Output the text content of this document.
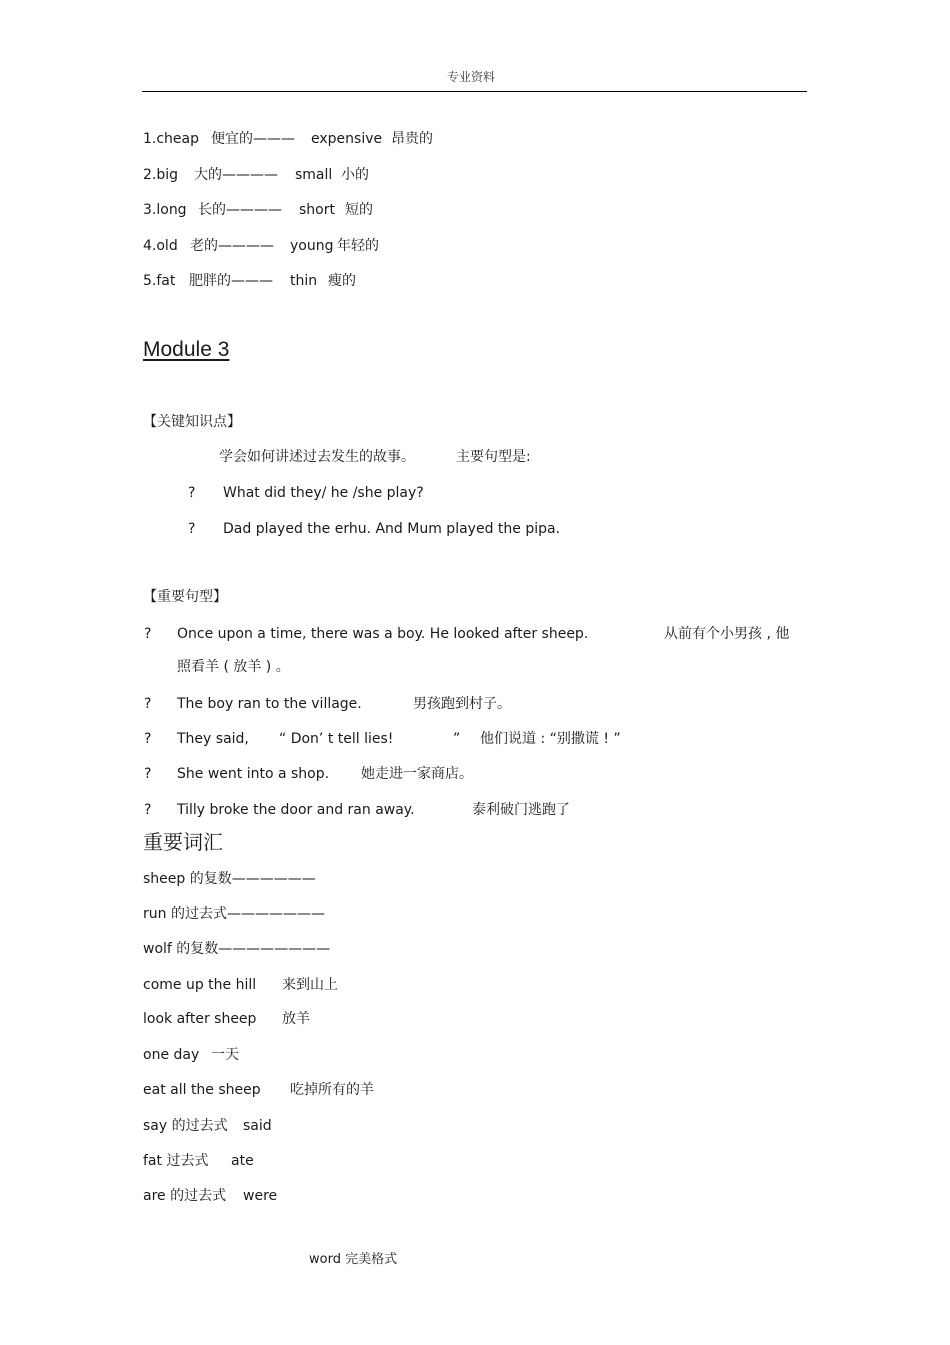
专业资料
1.cheap 便宜的——— expensive 昂贵的
2.big 大的———— small 小的
3.long 长的———— short 短的
4.old 老的———— young 年轻的
5.fat 肥胖的——— thin 瘦的
Module 3
【关键知识点】
学会如何讲述过去发生的故事。	主要句型是:
? What did they/ he /she play?
? Dad played the erhu. And Mum played the pipa.
【重要句型】
? Once upon a time, there was a boy. He looked after sheep.	从前有个小男孩 , 他
照看羊 ( 放羊 ) 。
? The boy ran to the village.	男孩跑到村子。
? They said, “ Don’ t tell lies!	” 他们说道 : “别撒谎 ! ”
? She went into a shop. 她走进一家商店。
? Tilly broke the door and ran away.	泰利破门逃跑了
重要词汇
sheep 的复数——————
run 的过去式———————
wolf 的复数————————
come up the hill 来到山上
look after sheep 放羊
one day 一天
eat all the sheep 吃掉所有的羊
say 的过去式 said
fat 过去式 ate
are 的过去式 were
word 完美格式
